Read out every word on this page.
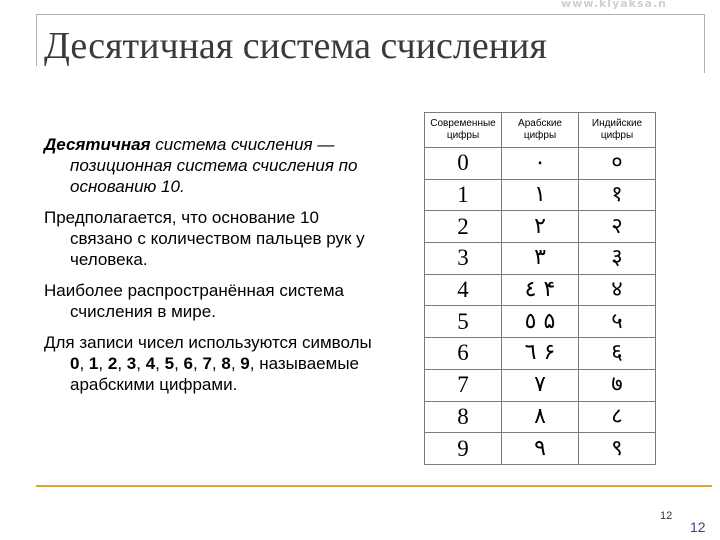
www.klyaksa.n
Десятичная система счисления

Десятичная система счисления — позиционная система счисления по основанию 10.

Предполагается, что основание 10 связано с количеством пальцев рук у человека.

Наиболее распространённая система счисления в мире.

Для записи чисел используются символы 0, 1, 2, 3, 4, 5, 6, 7, 8, 9, называемые арабскими цифрами.

Современные цифры	Арабские цифры	Индийские цифры
0	٠	०
1	١	१
2	٢	२
3	٣	३
4	٤ ۴	४
5	٥ ۵	५
6	٦ ۶	६
7	٧	७
8	٨	८
9	٩	९
12
12
